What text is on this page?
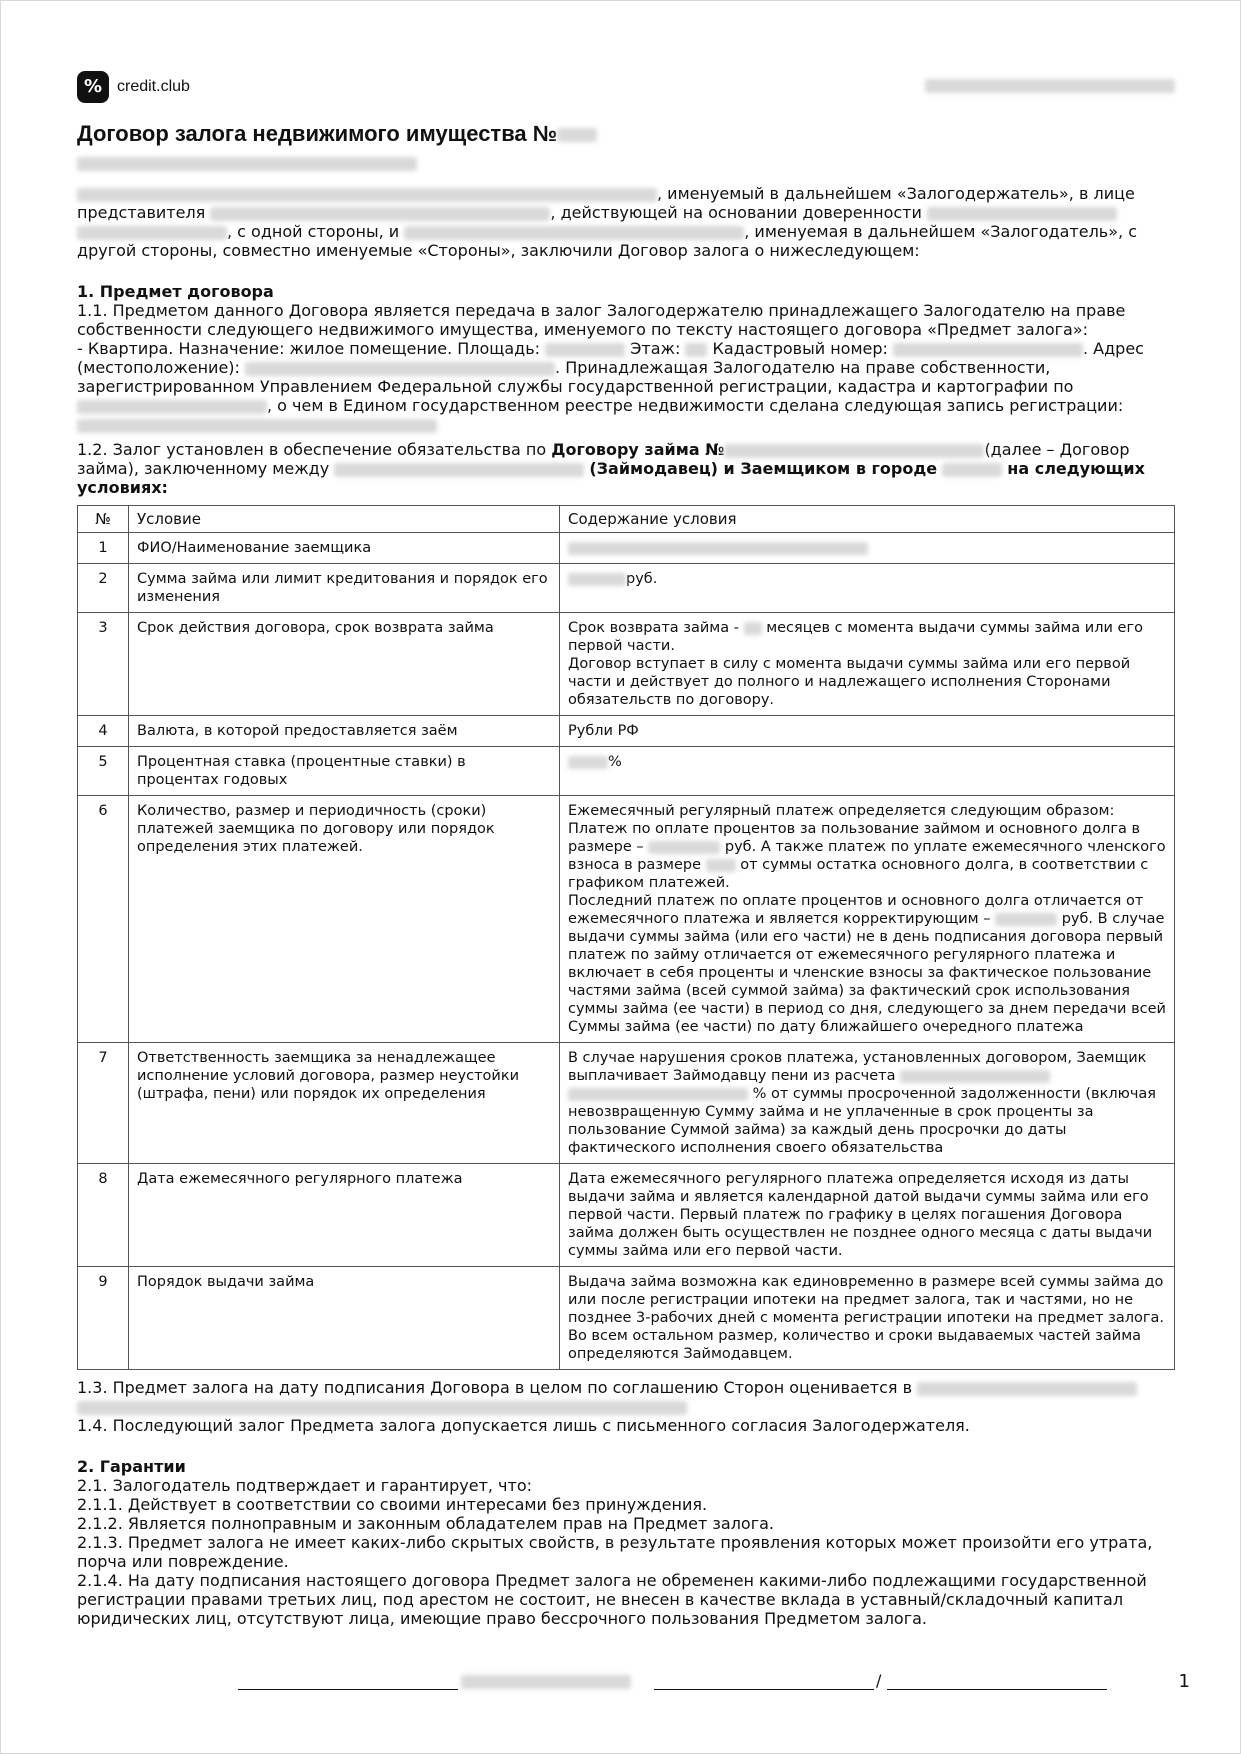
% credit.club
Договор залога недвижимого имущества №
, именуемый в дальнейшем «Залогодержатель», в лице представителя	, действующей на основании доверенности  , с одной стороны, и	, именуемая в дальнейшем «Залогодатель», с другой стороны, совместно именуемые «Стороны», заключили Договор залога о нижеследующем:
1. Предмет договора
1.1. Предметом данного Договора является передача в залог Залогодержателю принадлежащего Залогодателю на праве собственности следующего недвижимого имущества, именуемого по тексту настоящего договора «Предмет залога»:
- Квартира. Назначение: жилое помещение. Площадь:	Этаж: Кадастровый номер:	. Адрес (местоположение):	. Принадлежащая Залогодателю на праве собственности, зарегистрированном Управлением Федеральной службы государственной регистрации, кадастра и картографии по , о чем в Едином государственном реестре недвижимости сделана следующая запись регистрации:
1.2. Залог установлен в обеспечение обязательства по Договору займа №	(далее – Договор займа), заключенному между	(Займодавец) и Заемщиком в городе	на следующих условиях:
№	Условие	Содержание условия
1	ФИО/Наименование заемщика	
2	Сумма займа или лимит кредитования и порядок его изменения	руб.
3	Срок действия договора, срок возврата займа	Срок возврата займа - месяцев с момента выдачи суммы займа или его первой части.
Договор вступает в силу с момента выдачи суммы займа или его первой части и действует до полного и надлежащего исполнения Сторонами обязательств по договору.
4	Валюта, в которой предоставляется заём	Рубли РФ
5	Процентная ставка (процентные ставки) в процентах годовых	%
6	Количество, размер и периодичность (сроки) платежей заемщика по договору или порядок определения этих платежей.	Ежемесячный регулярный платеж определяется следующим образом: Платеж по оплате процентов за пользование займом и основного долга в размере – руб. А также платеж по уплате ежемесячного членского взноса в размере от суммы остатка основного долга, в соответствии с графиком платежей.
Последний платеж по оплате процентов и основного долга отличается от ежемесячного платежа и является корректирующим – руб. В случае выдачи суммы займа (или его части) не в день подписания договора первый платеж по займу отличается от ежемесячного регулярного платежа и включает в себя проценты и членские взносы за фактическое пользование частями займа (всей суммой займа) за фактический срок использования суммы займа (ее части) в период со дня, следующего за днем передачи всей Суммы займа (ее части) по дату ближайшего очередного платежа
7	Ответственность заемщика за ненадлежащее исполнение условий договора, размер неустойки (штрафа, пени) или порядок их определения	В случае нарушения сроков платежа, установленных договором, Заемщик выплачивает Займодавцу пени из расчета   % от суммы просроченной задолженности (включая невозвращенную Сумму займа и не уплаченные в срок проценты за пользование Суммой займа) за каждый день просрочки до даты фактического исполнения своего обязательства
8	Дата ежемесячного регулярного платежа	Дата ежемесячного регулярного платежа определяется исходя из даты выдачи займа и является календарной датой выдачи суммы займа или его первой части. Первый платеж по графику в целях погашения Договора займа должен быть осуществлен не позднее одного месяца с даты выдачи суммы займа или его первой части.
9	Порядок выдачи займа	Выдача займа возможна как единовременно в размере всей суммы займа до или после регистрации ипотеки на предмет залога, так и частями, но не позднее 3-рабочих дней с момента регистрации ипотеки на предмет залога. Во всем остальном размер, количество и сроки выдаваемых частей займа определяются Займодавцем.
1.3. Предмет залога на дату подписания Договора в целом по соглашению Сторон оценивается в
1.4. Последующий залог Предмета залога допускается лишь с письменного согласия Залогодержателя.
2. Гарантии
2.1. Залогодатель подтверждает и гарантирует, что:
2.1.1. Действует в соответствии со своими интересами без принуждения.
2.1.2. Является полноправным и законным обладателем прав на Предмет залога.
2.1.3. Предмет залога не имеет каких-либо скрытых свойств, в результате проявления которых может произойти его утрата, порча или повреждение.
2.1.4. На дату подписания настоящего договора Предмет залога не обременен какими-либо подлежащими государственной регистрации правами третьих лиц, под арестом не состоит, не внесен в качестве вклада в уставный/складочный капитал юридических лиц, отсутствуют лица, имеющие право бессрочного пользования Предметом залога.
/	1
